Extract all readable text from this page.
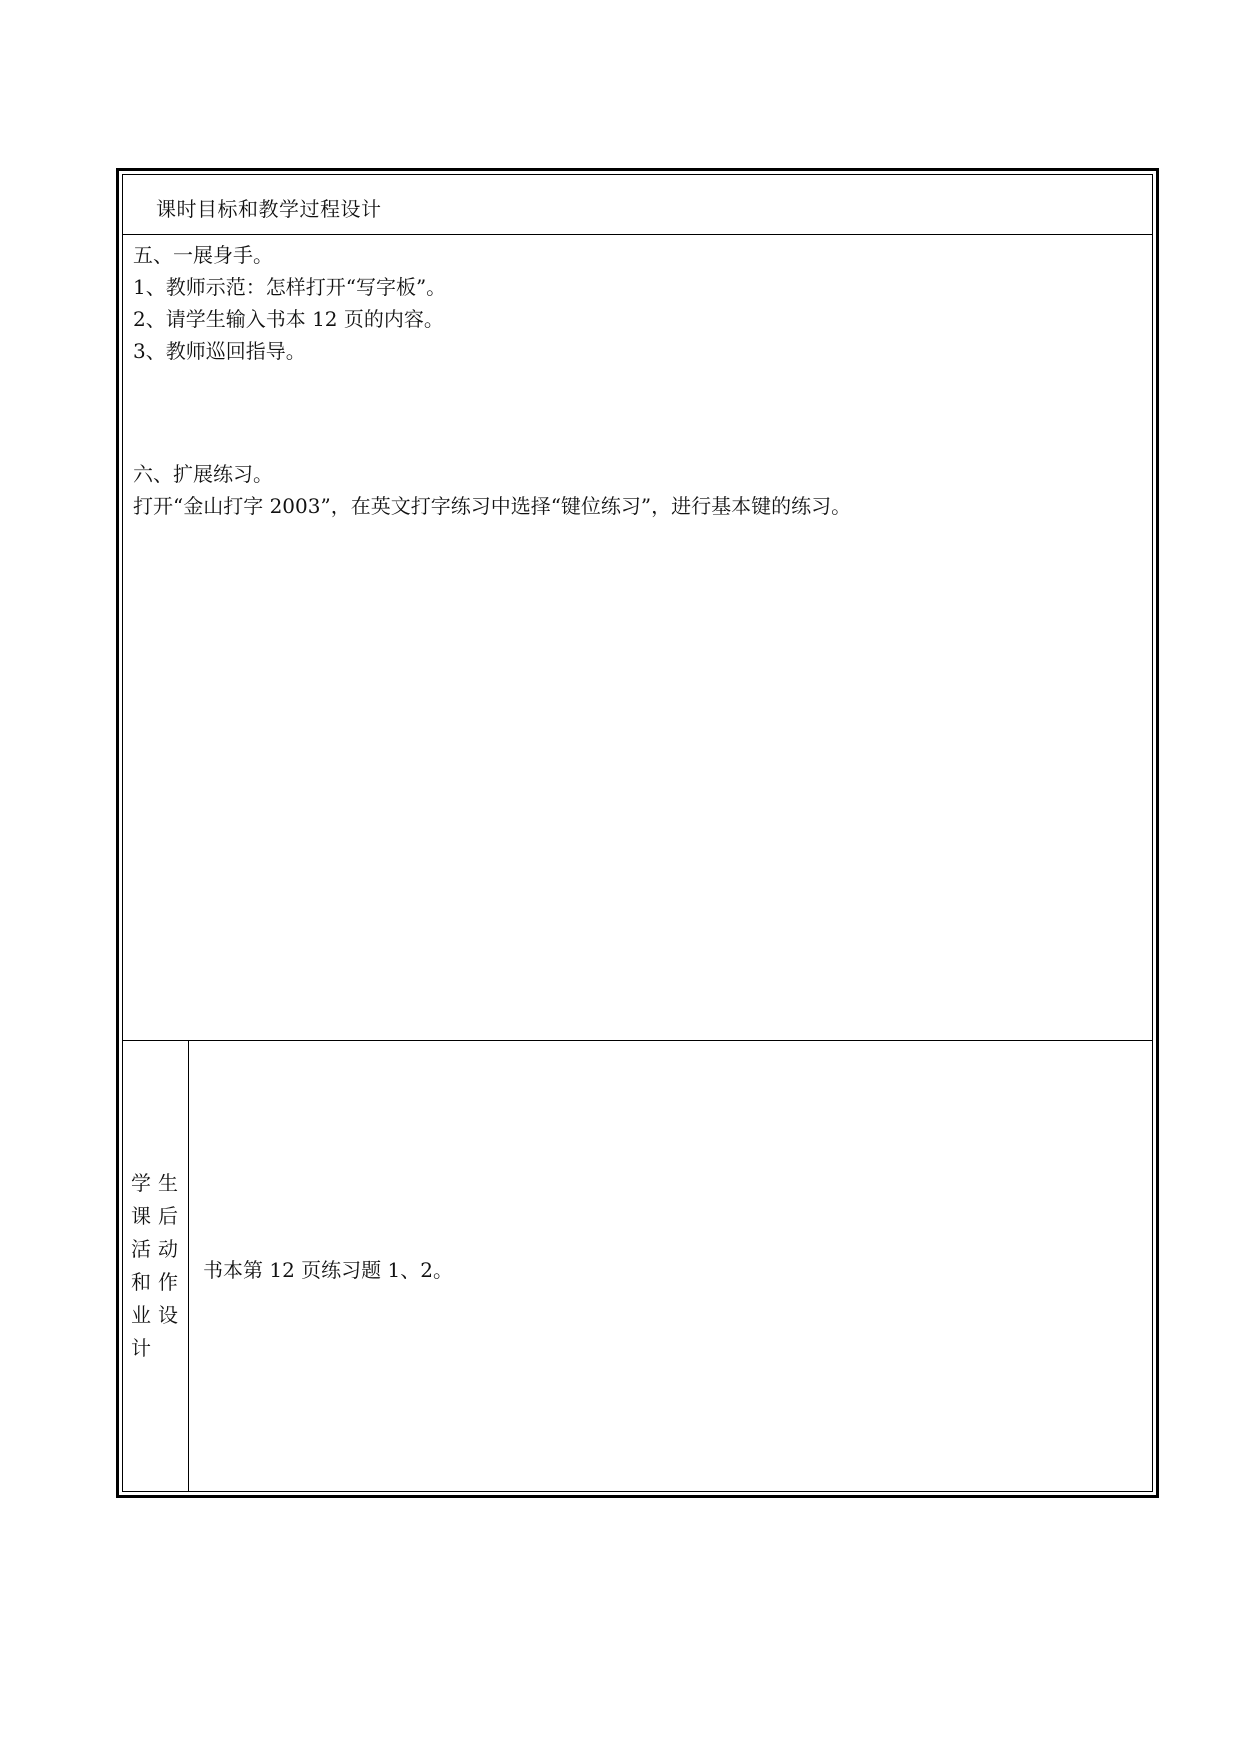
课时目标和教学过程设计
五、一展身手。
1、教师示范：怎样打开“写字板”。
2、请学生输入书本 12 页的内容。
3、教师巡回指导。
六、扩展练习。
打开“金山打字 2003”，在英文打字练习中选择“键位练习”，进行基本键的练习。
学生课后活动和作业设计
书本第 12 页练习题 1、2。
